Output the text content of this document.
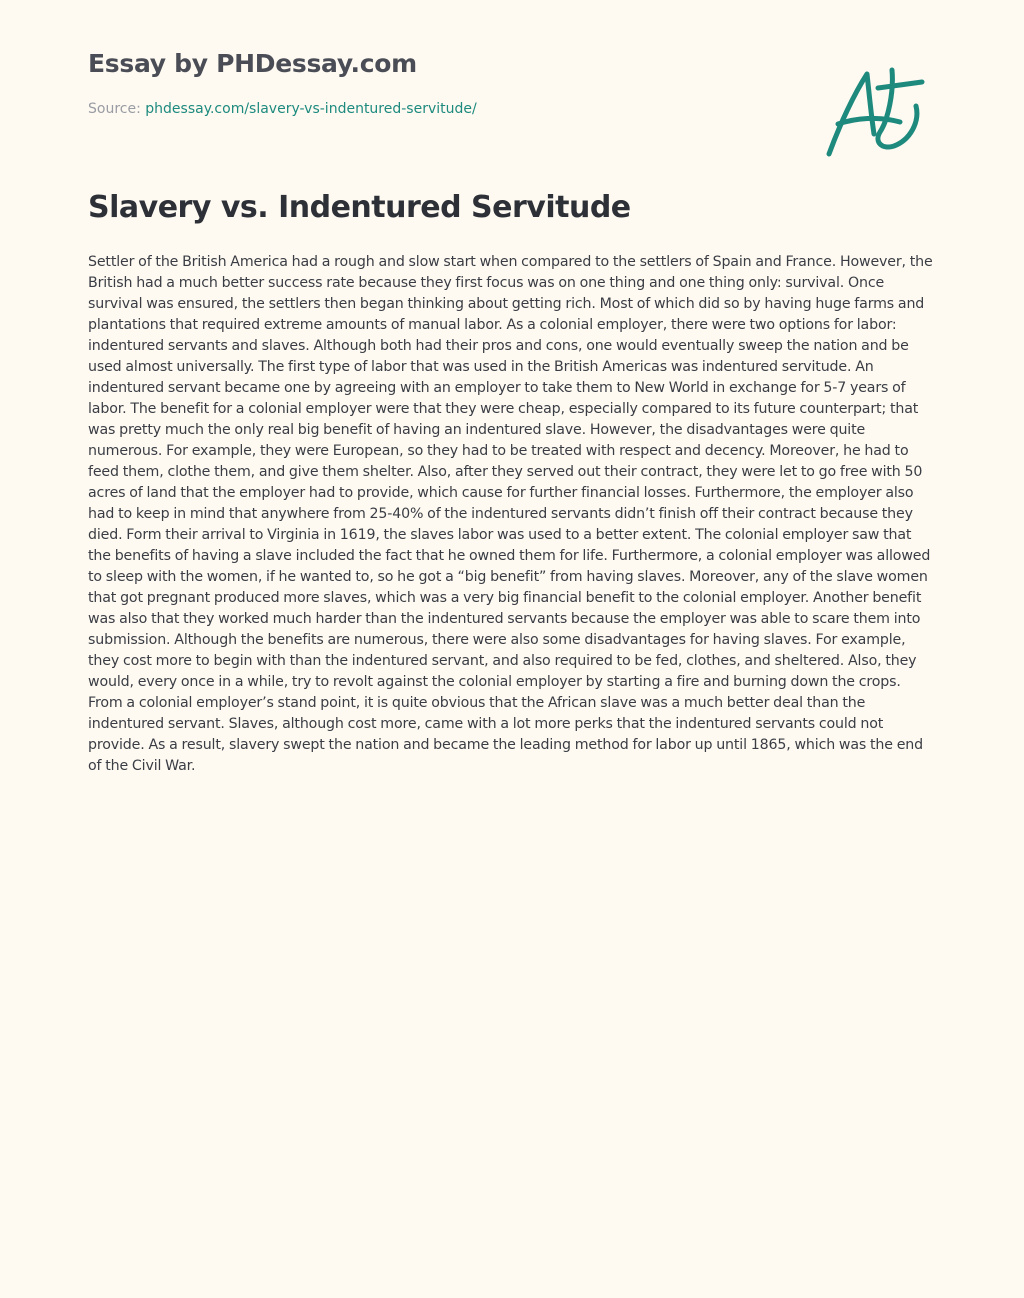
Essay by PHDessay.com
Source: phdessay.com/slavery-vs-indentured-servitude/
Slavery vs. Indentured Servitude

Settler of the British America had a rough and slow start when compared to the settlers of Spain and France. However, the British had a much better success rate because they first focus was on one thing and one thing only: survival. Once survival was ensured, the settlers then began thinking about getting rich. Most of which did so by having huge farms and plantations that required extreme amounts of manual labor. As a colonial employer, there were two options for labor: indentured servants and slaves. Although both had their pros and cons, one would eventually sweep the nation and be used almost universally. The first type of labor that was used in the British Americas was indentured servitude. An indentured servant became one by agreeing with an employer to take them to New World in exchange for 5-7 years of labor. The benefit for a colonial employer were that they were cheap, especially compared to its future counterpart; that was pretty much the only real big benefit of having an indentured slave. However, the disadvantages were quite numerous. For example, they were European, so they had to be treated with respect and decency. Moreover, he had to feed them, clothe them, and give them shelter. Also, after they served out their contract, they were let to go free with 50 acres of land that the employer had to provide, which cause for further financial losses. Furthermore, the employer also had to keep in mind that anywhere from 25-40% of the indentured servants didn’t finish off their contract because they died. Form their arrival to Virginia in 1619, the slaves labor was used to a better extent. The colonial employer saw that the benefits of having a slave included the fact that he owned them for life. Furthermore, a colonial employer was allowed to sleep with the women, if he wanted to, so he got a “big benefit” from having slaves. Moreover, any of the slave women that got pregnant produced more slaves, which was a very big financial benefit to the colonial employer. Another benefit was also that they worked much harder than the indentured servants because the employer was able to scare them into submission. Although the benefits are numerous, there were also some disadvantages for having slaves. For example, they cost more to begin with than the indentured servant, and also required to be fed, clothes, and sheltered. Also, they would, every once in a while, try to revolt against the colonial employer by starting a fire and burning down the crops. From a colonial employer’s stand point, it is quite obvious that the African slave was a much better deal than the indentured servant. Slaves, although cost more, came with a lot more perks that the indentured servants could not provide. As a result, slavery swept the nation and became the leading method for labor up until 1865, which was the end of the Civil War.
